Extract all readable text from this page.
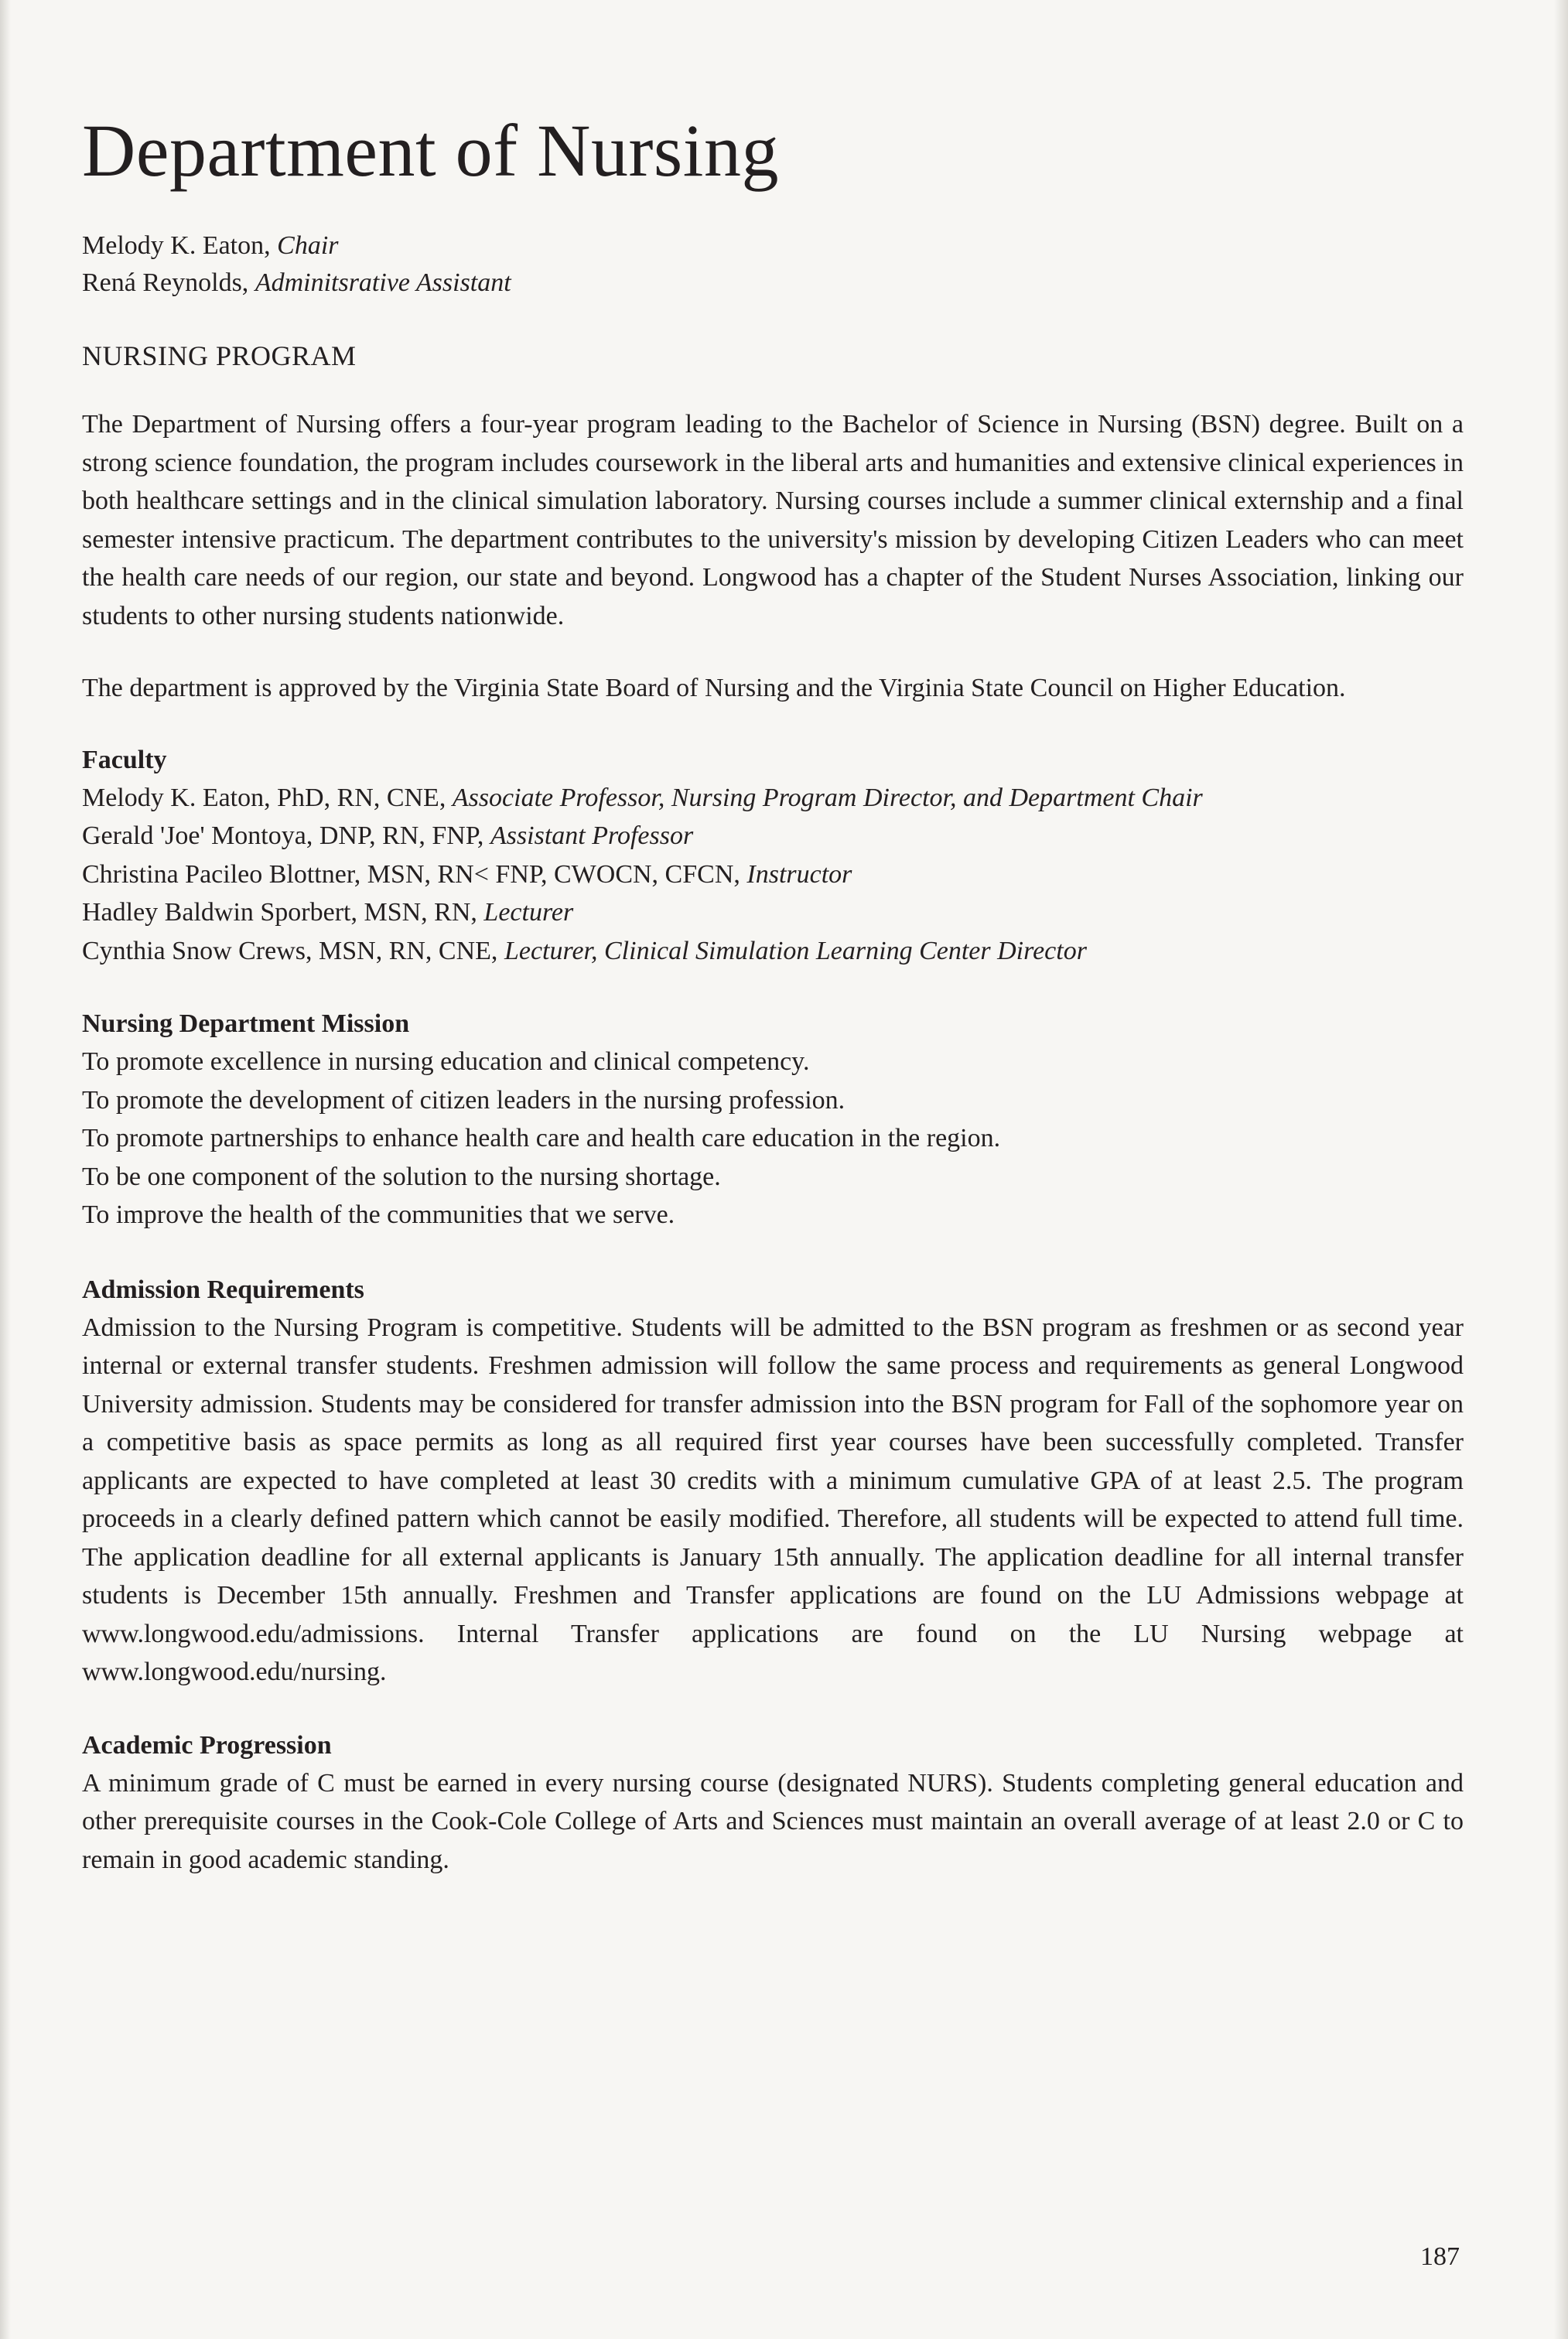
Department of Nursing
Melody K. Eaton, Chair
Rená Reynolds, Adminitsrative Assistant
NURSING PROGRAM

The Department of Nursing offers a four-year program leading to the Bachelor of Science in Nursing (BSN) degree. Built on a strong science foundation, the program includes coursework in the liberal arts and humanities and extensive clinical experiences in both healthcare settings and in the clinical simulation laboratory. Nursing courses include a summer clinical externship and a final semester intensive practicum. The department contributes to the university's mission by developing Citizen Leaders who can meet the health care needs of our region, our state and beyond. Longwood has a chapter of the Student Nurses Association, linking our students to other nursing students nationwide.

The department is approved by the Virginia State Board of Nursing and the Virginia State Council on Higher Education.

Faculty
Melody K. Eaton, PhD, RN, CNE, Associate Professor, Nursing Program Director, and Department Chair
Gerald 'Joe' Montoya, DNP, RN, FNP, Assistant Professor
Christina Pacileo Blottner, MSN, RN< FNP, CWOCN, CFCN, Instructor
Hadley Baldwin Sporbert, MSN, RN, Lecturer
Cynthia Snow Crews, MSN, RN, CNE, Lecturer, Clinical Simulation Learning Center Director
Nursing Department Mission
To promote excellence in nursing education and clinical competency.
To promote the development of citizen leaders in the nursing profession.
To promote partnerships to enhance health care and health care education in the region.
To be one component of the solution to the nursing shortage.
To improve the health of the communities that we serve.
Admission Requirements

Admission to the Nursing Program is competitive. Students will be admitted to the BSN program as freshmen or as second year internal or external transfer students. Freshmen admission will follow the same process and requirements as general Longwood University admission. Students may be considered for transfer admission into the BSN program for Fall of the sophomore year on a competitive basis as space permits as long as all required first year courses have been successfully completed. Transfer applicants are expected to have completed at least 30 credits with a minimum cumulative GPA of at least 2.5. The program proceeds in a clearly defined pattern which cannot be easily modified. Therefore, all students will be expected to attend full time. The application deadline for all external applicants is January 15th annually. The application deadline for all internal transfer students is December 15th annually. Freshmen and Transfer applications are found on the LU Admissions webpage at www.longwood.edu/admissions. Internal Transfer applications are found on the LU Nursing webpage at www.longwood.edu/nursing.

Academic Progression

A minimum grade of C must be earned in every nursing course (designated NURS). Students completing general education and other prerequisite courses in the Cook-Cole College of Arts and Sciences must maintain an overall average of at least 2.0 or C to remain in good academic standing.

187
